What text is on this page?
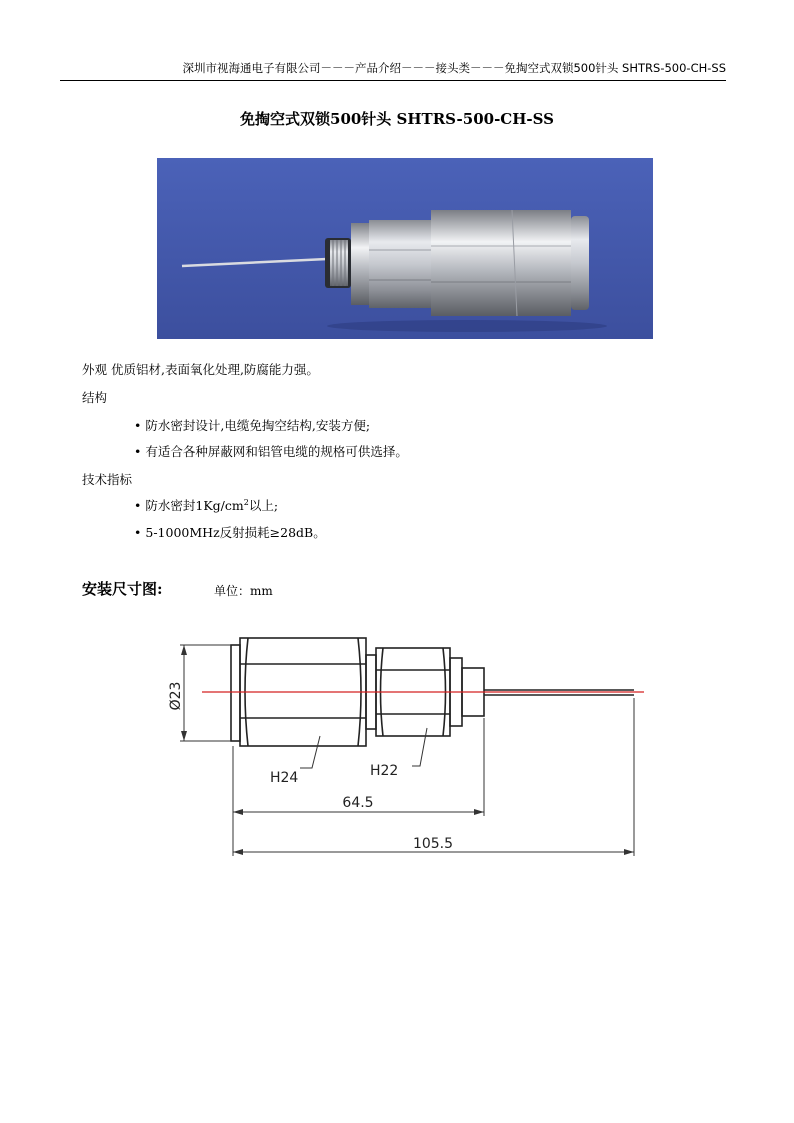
深圳市视海通电子有限公司－－－产品介绍－－－接头类－－－免掏空式双锁500针头 SHTRS-500-CH-SS
免掏空式双锁500针头 SHTRS-500-CH-SS
外观 优质铝材,表面氧化处理,防腐能力强。
结构
• 防水密封设计,电缆免掏空结构,安装方便;
• 有适合各种屏蔽网和铝管电缆的规格可供选择。
技术指标
• 防水密封$1Kg/cm^2$以上;
• 5-1000MHz反射损耗≥28dB。
安装尺寸图:	单位：mm
Ø23
H24	H22
64.5
105.5
